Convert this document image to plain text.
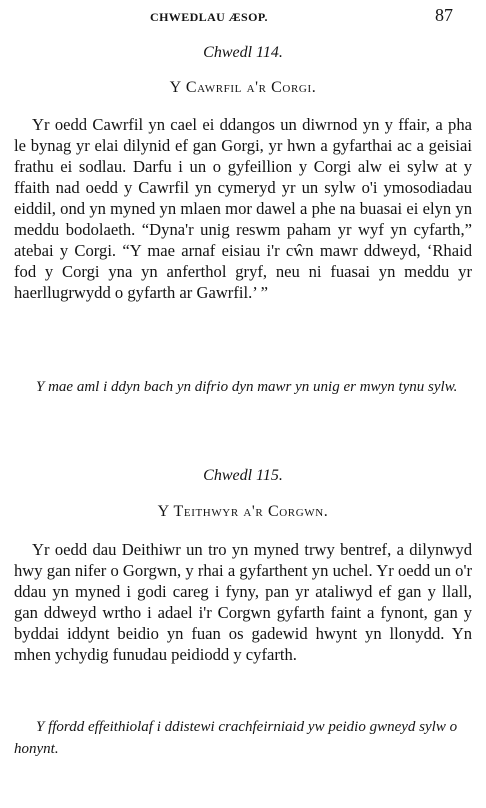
CHWEDLAU ÆSOP.	87
Chwedl 114.
Y Cawrfil a'r Corgi.

Yr oedd Cawrfil yn cael ei ddangos un diwrnod yn y ffair, a pha le bynag yr elai dilynid ef gan Gorgi, yr hwn a gyfarthai ac a geisiai frathu ei sodlau. Darfu i un o gyfeillion y Corgi alw ei sylw at y ffaith nad oedd y Cawrfil yn cymeryd yr un sylw o'i ymosodiadau eiddil, ond yn myned yn mlaen mor dawel a phe na buasai ei elyn yn meddu bodolaeth. “Dyna'r unig reswm paham yr wyf yn cyfarth,” atebai y Corgi. “Y mae arnaf eisiau i'r cŵn mawr ddweyd, ‘Rhaid fod y Corgi yna yn anferthol gryf, neu ni fuasai yn meddu yr haerllugrwydd o gyfarth ar Gawrfil.’ ”

Y mae aml i ddyn bach yn difrio dyn mawr yn unig er mwyn tynu sylw.

Chwedl 115.
Y Teithwyr a'r Corgwn.

Yr oedd dau Deithiwr un tro yn myned trwy bentref, a dilynwyd hwy gan nifer o Gorgwn, y rhai a gyfarthent yn uchel. Yr oedd un o'r ddau yn myned i godi careg i fyny, pan yr ataliwyd ef gan y llall, gan ddweyd wrtho i adael i'r Corgwn gyfarth faint a fynont, gan y byddai iddynt beidio yn fuan os gadewid hwynt yn llonydd. Yn mhen ychydig funudau peidiodd y cyfarth.

Y ffordd effeithiolaf i ddistewi crachfeirniaid yw peidio gwneyd sylw o honynt.
